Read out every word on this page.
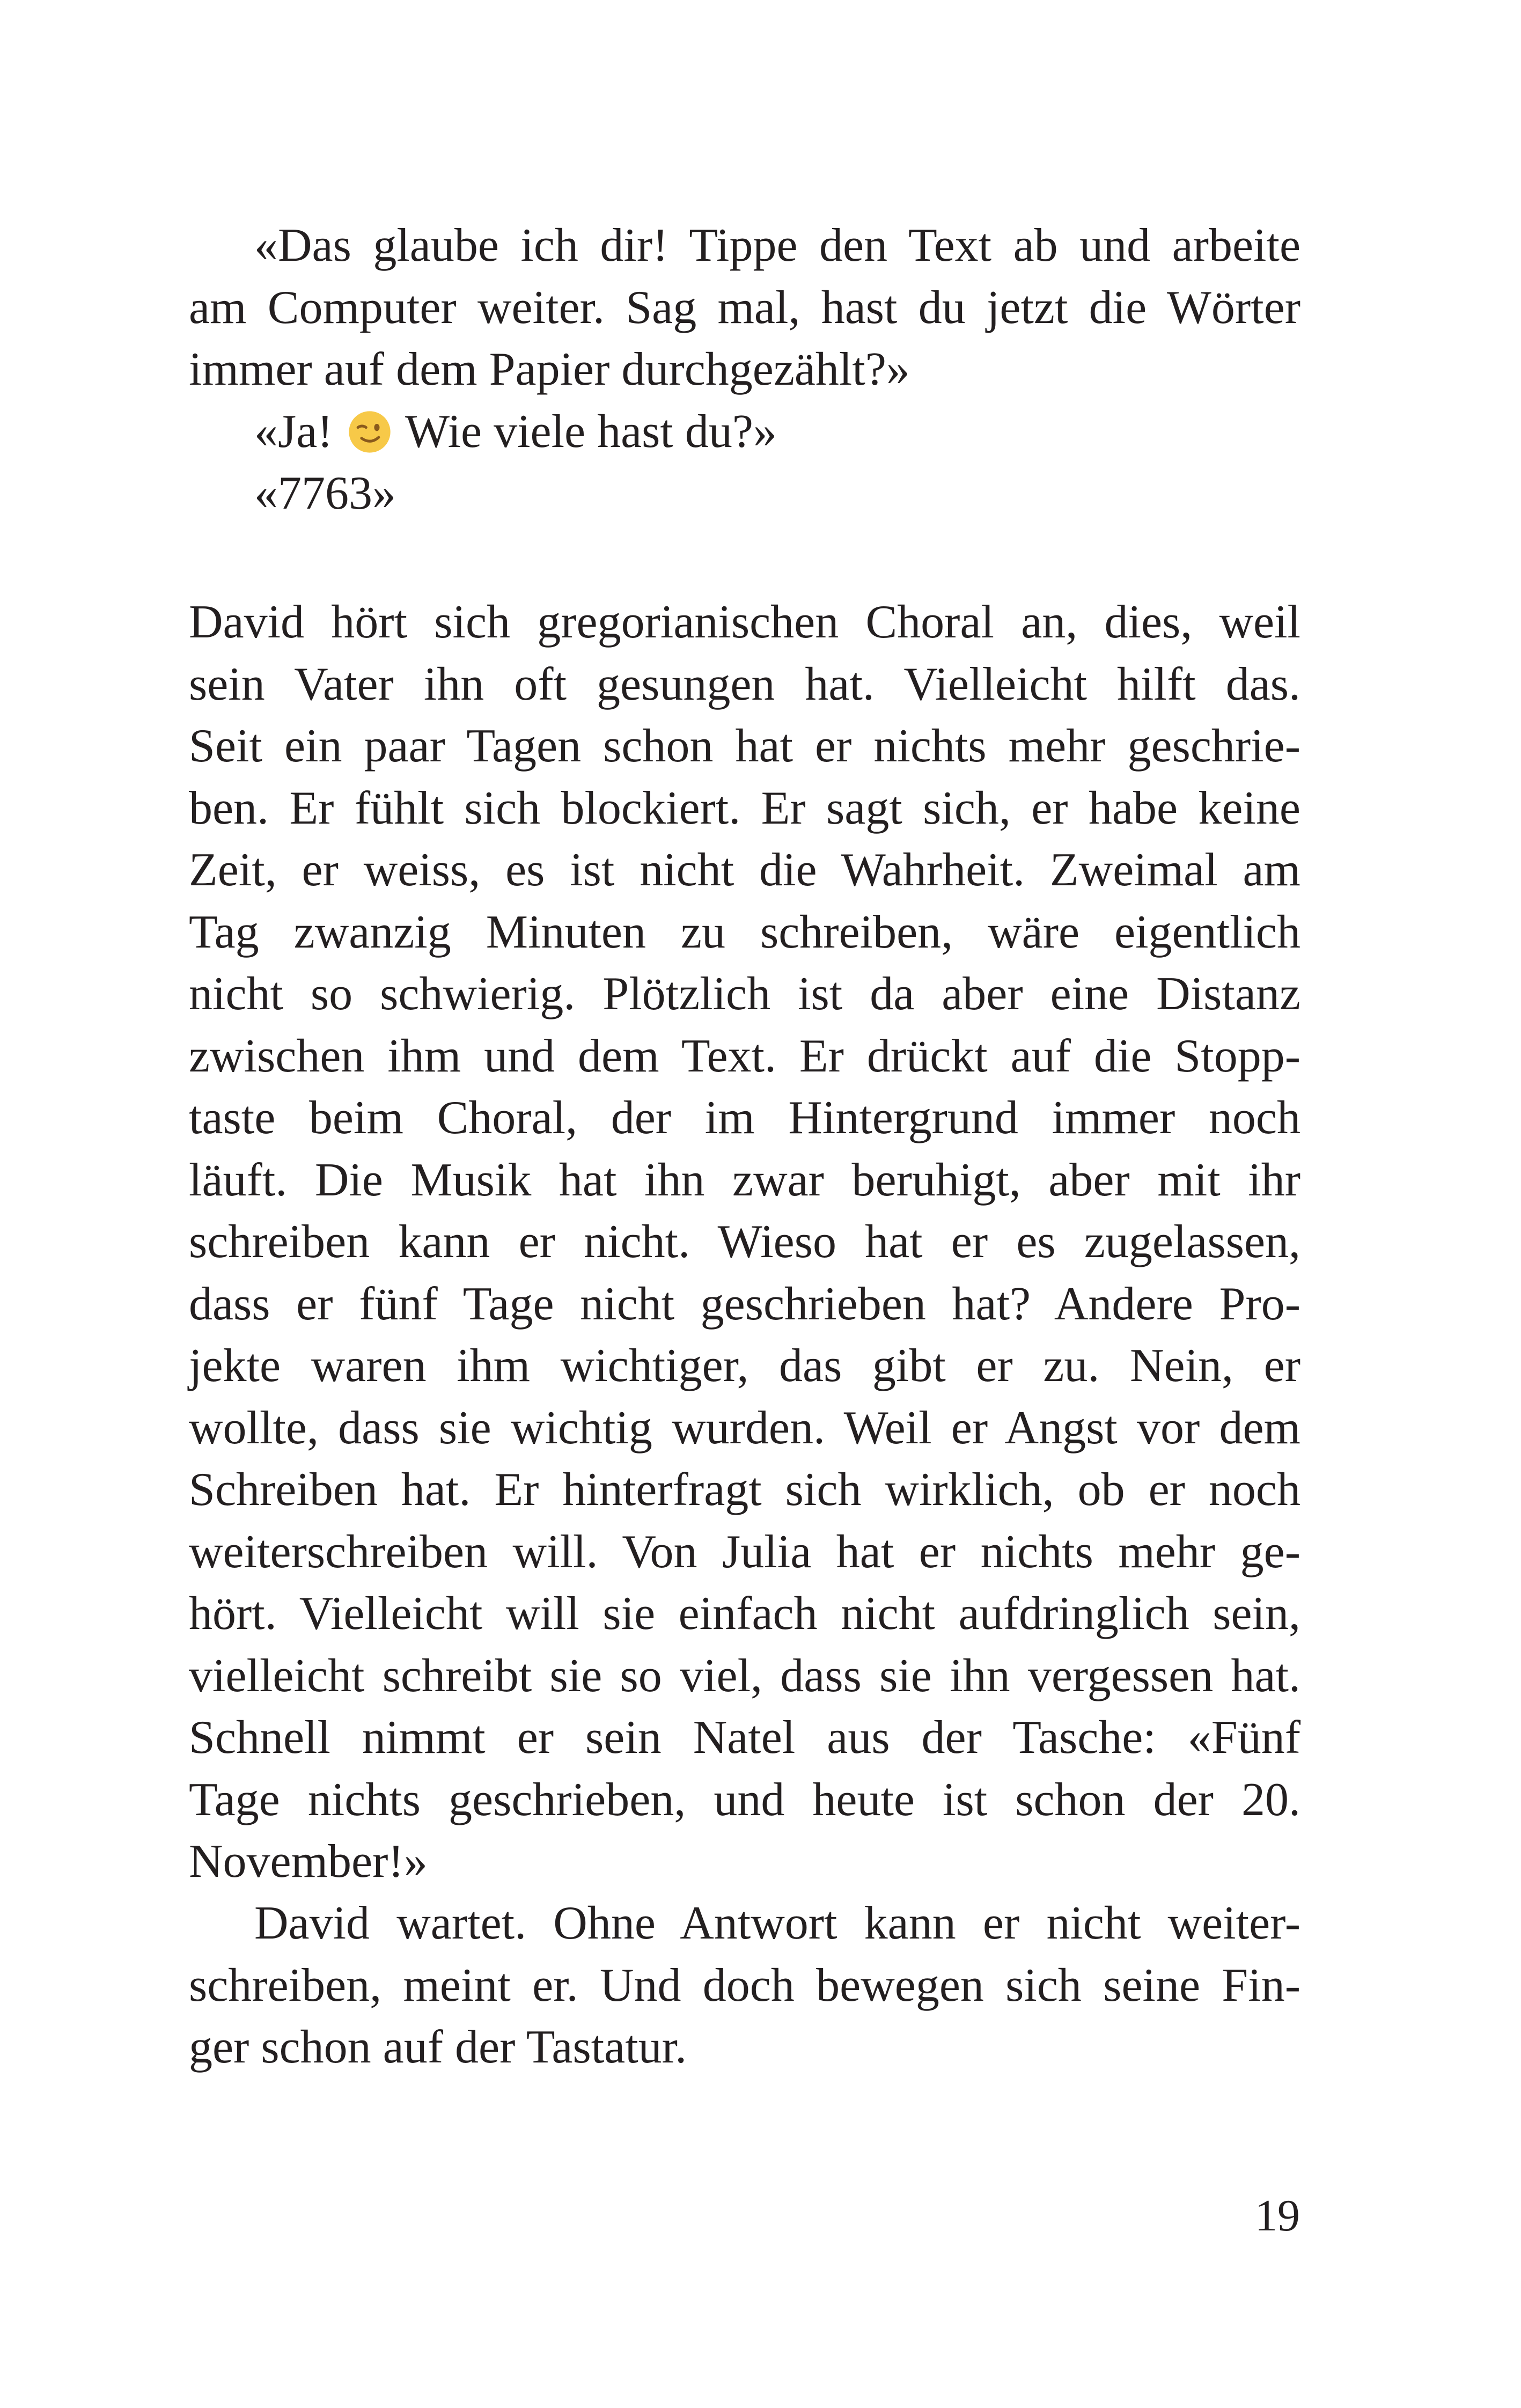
«Das glaube ich dir! Tippe den Text ab und arbeite
am Computer weiter. Sag mal, hast du jetzt die Wörter
immer auf dem Papier durchgezählt?»
«Ja! Wie viele hast du?»
«7763»
David hört sich gregorianischen Choral an, dies, weil
sein Vater ihn oft gesungen hat. Vielleicht hilft das.
Seit ein paar Tagen schon hat er nichts mehr geschrie-
ben. Er fühlt sich blockiert. Er sagt sich, er habe keine
Zeit, er weiss, es ist nicht die Wahrheit. Zweimal am
Tag zwanzig Minuten zu schreiben, wäre eigentlich
nicht so schwierig. Plötzlich ist da aber eine Distanz
zwischen ihm und dem Text. Er drückt auf die Stopp-
taste beim Choral, der im Hintergrund immer noch
läuft. Die Musik hat ihn zwar beruhigt, aber mit ihr
schreiben kann er nicht. Wieso hat er es zugelassen,
dass er fünf Tage nicht geschrieben hat? Andere Pro-
jekte waren ihm wichtiger, das gibt er zu. Nein, er
wollte, dass sie wichtig wurden. Weil er Angst vor dem
Schreiben hat. Er hinterfragt sich wirklich, ob er noch
weiterschreiben will. Von Julia hat er nichts mehr ge-
hört. Vielleicht will sie einfach nicht aufdringlich sein,
vielleicht schreibt sie so viel, dass sie ihn vergessen hat.
Schnell nimmt er sein Natel aus der Tasche: «Fünf
Tage nichts geschrieben, und heute ist schon der 20.
November!»
David wartet. Ohne Antwort kann er nicht weiter-
schreiben, meint er. Und doch bewegen sich seine Fin-
ger schon auf der Tastatur.
19
